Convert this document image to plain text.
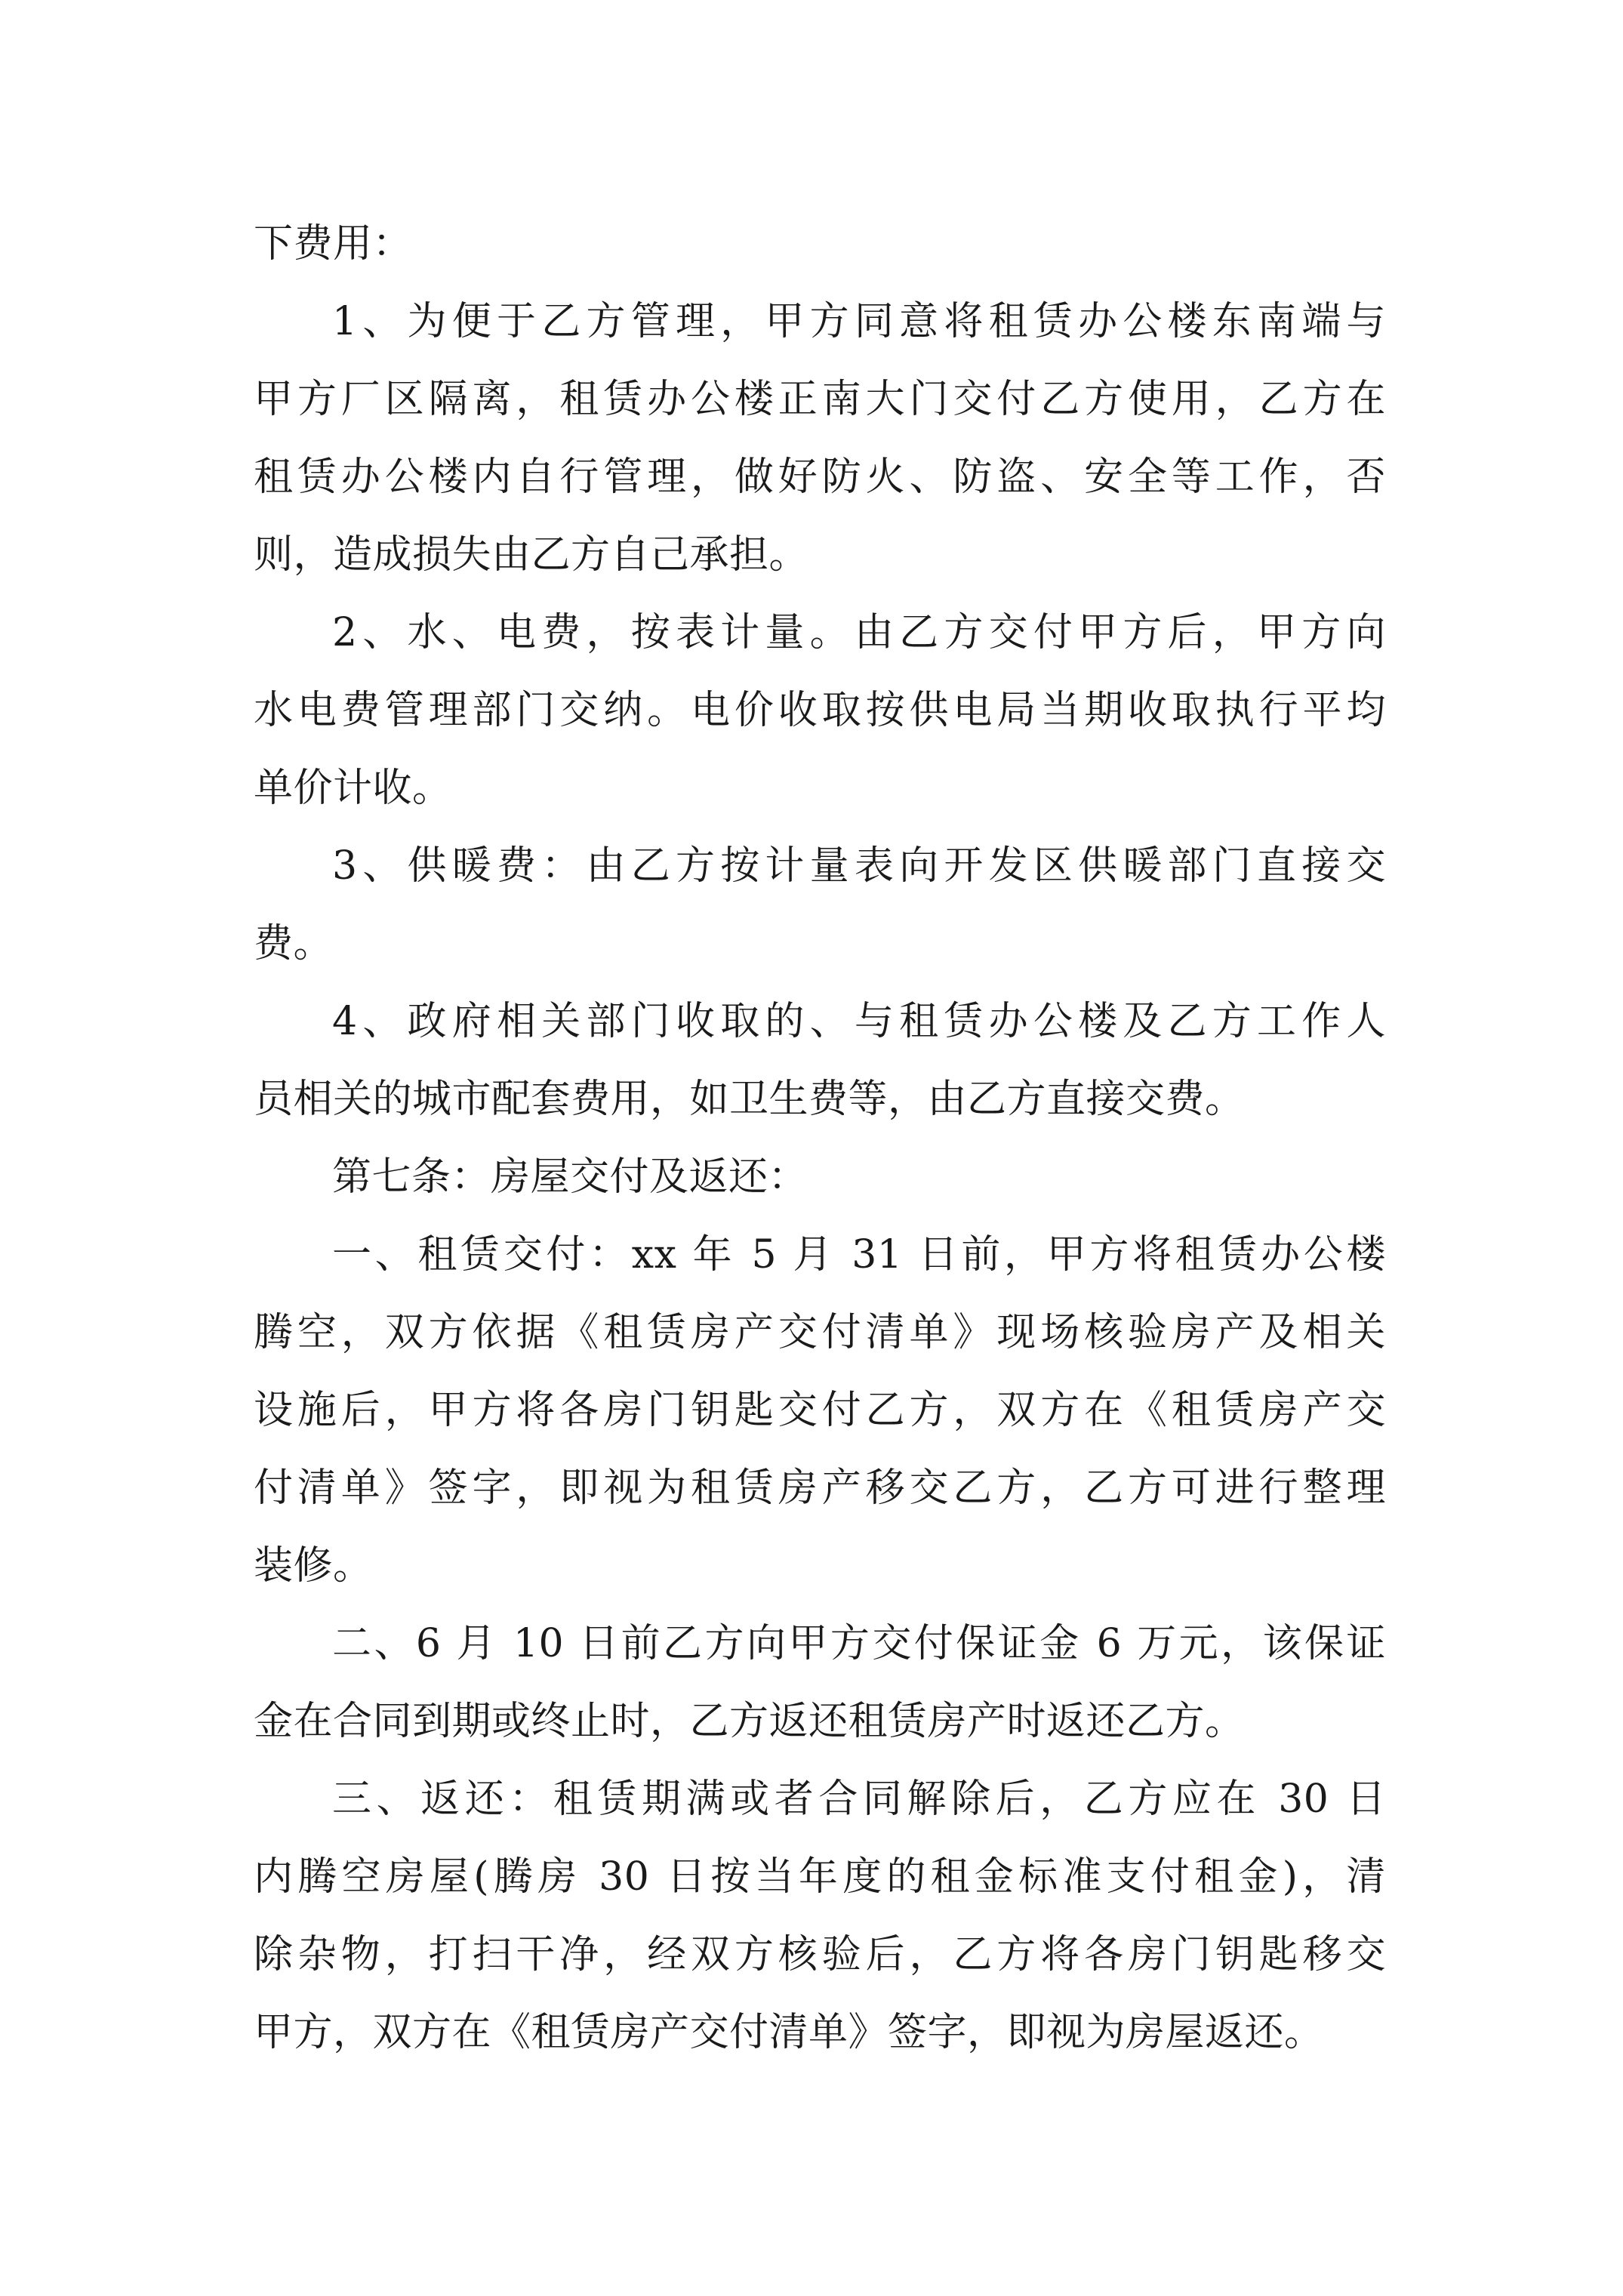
下费用：
1、为便于乙方管理，甲方同意将租赁办公楼东南端与
甲方厂区隔离，租赁办公楼正南大门交付乙方使用，乙方在
租赁办公楼内自行管理，做好防火、防盗、安全等工作，否
则，造成损失由乙方自己承担。
2、水、电费，按表计量。由乙方交付甲方后，甲方向
水电费管理部门交纳。电价收取按供电局当期收取执行平均
单价计收。
3、供暖费：由乙方按计量表向开发区供暖部门直接交
费。
4、政府相关部门收取的、与租赁办公楼及乙方工作人
员相关的城市配套费用，如卫生费等，由乙方直接交费。
第七条：房屋交付及返还：
一、租赁交付：xx 年 5 月 31 日前，甲方将租赁办公楼
腾空，双方依据《租赁房产交付清单》现场核验房产及相关
设施后，甲方将各房门钥匙交付乙方，双方在《租赁房产交
付清单》签字，即视为租赁房产移交乙方，乙方可进行整理
装修。
二、6 月 10 日前乙方向甲方交付保证金 6 万元，该保证
金在合同到期或终止时，乙方返还租赁房产时返还乙方。
三、返还：租赁期满或者合同解除后，乙方应在 30 日
内腾空房屋(腾房 30 日按当年度的租金标准支付租金)，清
除杂物，打扫干净，经双方核验后，乙方将各房门钥匙移交
甲方，双方在《租赁房产交付清单》签字，即视为房屋返还。
